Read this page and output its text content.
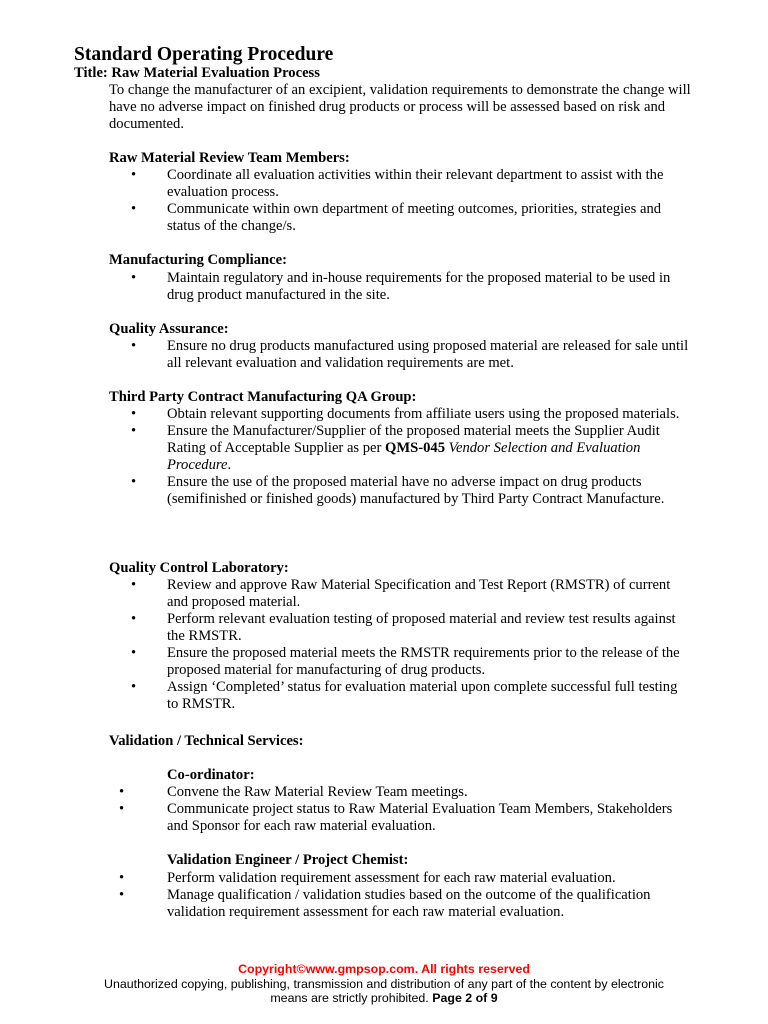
Standard Operating Procedure
Title: Raw Material Evaluation Process
To change the manufacturer of an excipient, validation requirements to demonstrate the change will have no adverse impact on finished drug products or process will be assessed based on risk and documented.
Raw Material Review Team Members:
• Coordinate all evaluation activities within their relevant department to assist with the evaluation process.
• Communicate within own department of meeting outcomes, priorities, strategies and status of the change/s.
Manufacturing Compliance:
• Maintain regulatory and in-house requirements for the proposed material to be used in drug product manufactured in the site.
Quality Assurance:
• Ensure no drug products manufactured using proposed material are released for sale until all relevant evaluation and validation requirements are met.
Third Party Contract Manufacturing QA Group:
• Obtain relevant supporting documents from affiliate users using the proposed materials.
• Ensure the Manufacturer/Supplier of the proposed material meets the Supplier Audit Rating of Acceptable Supplier as per QMS-045 Vendor Selection and Evaluation Procedure.
• Ensure the use of the proposed material have no adverse impact on drug products (semifinished or finished goods) manufactured by Third Party Contract Manufacture.
Quality Control Laboratory:
• Review and approve Raw Material Specification and Test Report (RMSTR) of current and proposed material.
• Perform relevant evaluation testing of proposed material and review test results against the RMSTR.
• Ensure the proposed material meets the RMSTR requirements prior to the release of the proposed material for manufacturing of drug products.
• Assign ‘Completed’ status for evaluation material upon complete successful full testing to RMSTR.
Validation / Technical Services:
Co-ordinator:
•	Convene the Raw Material Review Team meetings.
•	Communicate project status to Raw Material Evaluation Team Members, Stakeholders and Sponsor for each raw material evaluation.
Validation Engineer / Project Chemist:
•	Perform validation requirement assessment for each raw material evaluation.
•	Manage qualification / validation studies based on the outcome of the qualification validation requirement assessment for each raw material evaluation.
Copyright©www.gmpsop.com. All rights reserved
Unauthorized copying, publishing, transmission and distribution of any part of the content by electronic means are strictly prohibited. Page 2 of 9
